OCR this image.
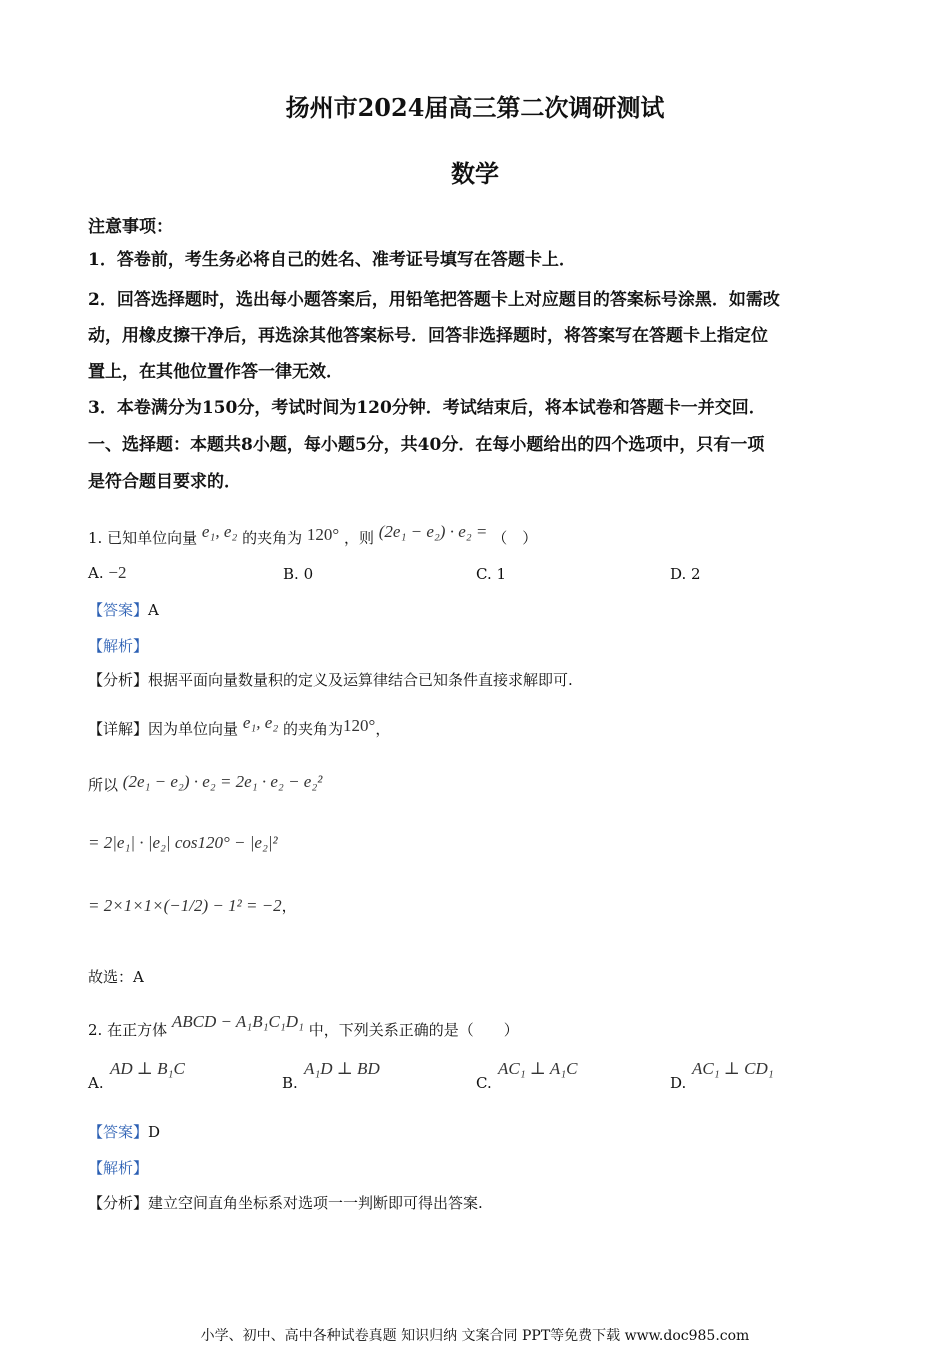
扬州市2024届高三第二次调研测试
数学
注意事项：
1．答卷前，考生务必将自己的姓名、准考证号填写在答题卡上．
2．回答选择题时，选出每小题答案后，用铅笔把答题卡上对应题目的答案标号涂黑．如需改
动，用橡皮擦干净后，再选涂其他答案标号．回答非选择题时，将答案写在答题卡上指定位
置上，在其他位置作答一律无效．
3．本卷满分为150分，考试时间为120分钟．考试结束后，将本试卷和答题卡一并交回．
一、选择题：本题共8小题，每小题5分，共40分．在每小题给出的四个选项中，只有一项
是符合题目要求的．
1. 已知单位向量 e₁, e₂ 的夹角为 120° ，则 (2e₁ − e₂) · e₂ = （　）
A. −2	B. 0	C. 1	D. 2
【答案】A
【解析】
【分析】根据平面向量数量积的定义及运算律结合已知条件直接求解即可.
【详解】因为单位向量 e₁, e₂ 的夹角为120°，
所以 (2e₁ − e₂) · e₂ = 2e₁ · e₂ − e₂²
= 2|e₁| · |e₂| cos120° − |e₂|²
= 2×1×1×(−1/2) − 1² = −2，
故选：A
2. 在正方体 ABCD − A₁B₁C₁D₁ 中，下列关系正确的是（　　）
A.
AD ⊥ B₁C
B.
A₁D ⊥ BD
C.
AC₁ ⊥ A₁C
D.
AC₁ ⊥ CD₁
【答案】D
【解析】
【分析】建立空间直角坐标系对选项一一判断即可得出答案.
小学、初中、高中各种试卷真题 知识归纳 文案合同 PPT等免费下载 www.doc985.com
